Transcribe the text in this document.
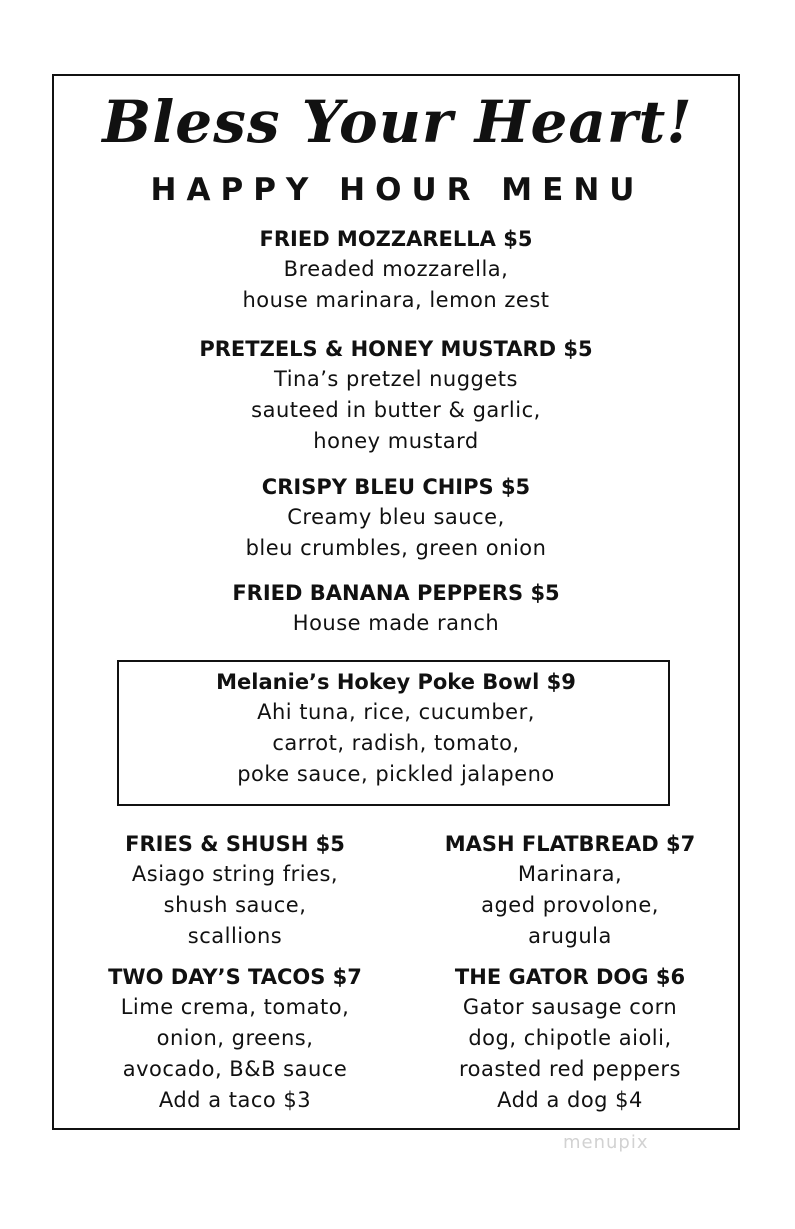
Bless Your Heart!
HAPPY HOUR MENU
FRIED MOZZARELLA $5
Breaded mozzarella,
house marinara, lemon zest
PRETZELS & HONEY MUSTARD $5
Tina’s pretzel nuggets
sauteed in butter & garlic,
honey mustard
CRISPY BLEU CHIPS $5
Creamy bleu sauce,
bleu crumbles, green onion
FRIED BANANA PEPPERS $5
House made ranch
Melanie’s Hokey Poke Bowl $9
Ahi tuna, rice, cucumber,
carrot, radish, tomato,
poke sauce, pickled jalapeno
FRIES & SHUSH $5
Asiago string fries,
shush sauce,
scallions
MASH FLATBREAD $7
Marinara,
aged provolone,
arugula
TWO DAY’S TACOS $7
Lime crema, tomato,
onion, greens,
avocado, B&B sauce
Add a taco $3
THE GATOR DOG $6
Gator sausage corn
dog, chipotle aioli,
roasted red peppers
Add a dog $4
menupix
